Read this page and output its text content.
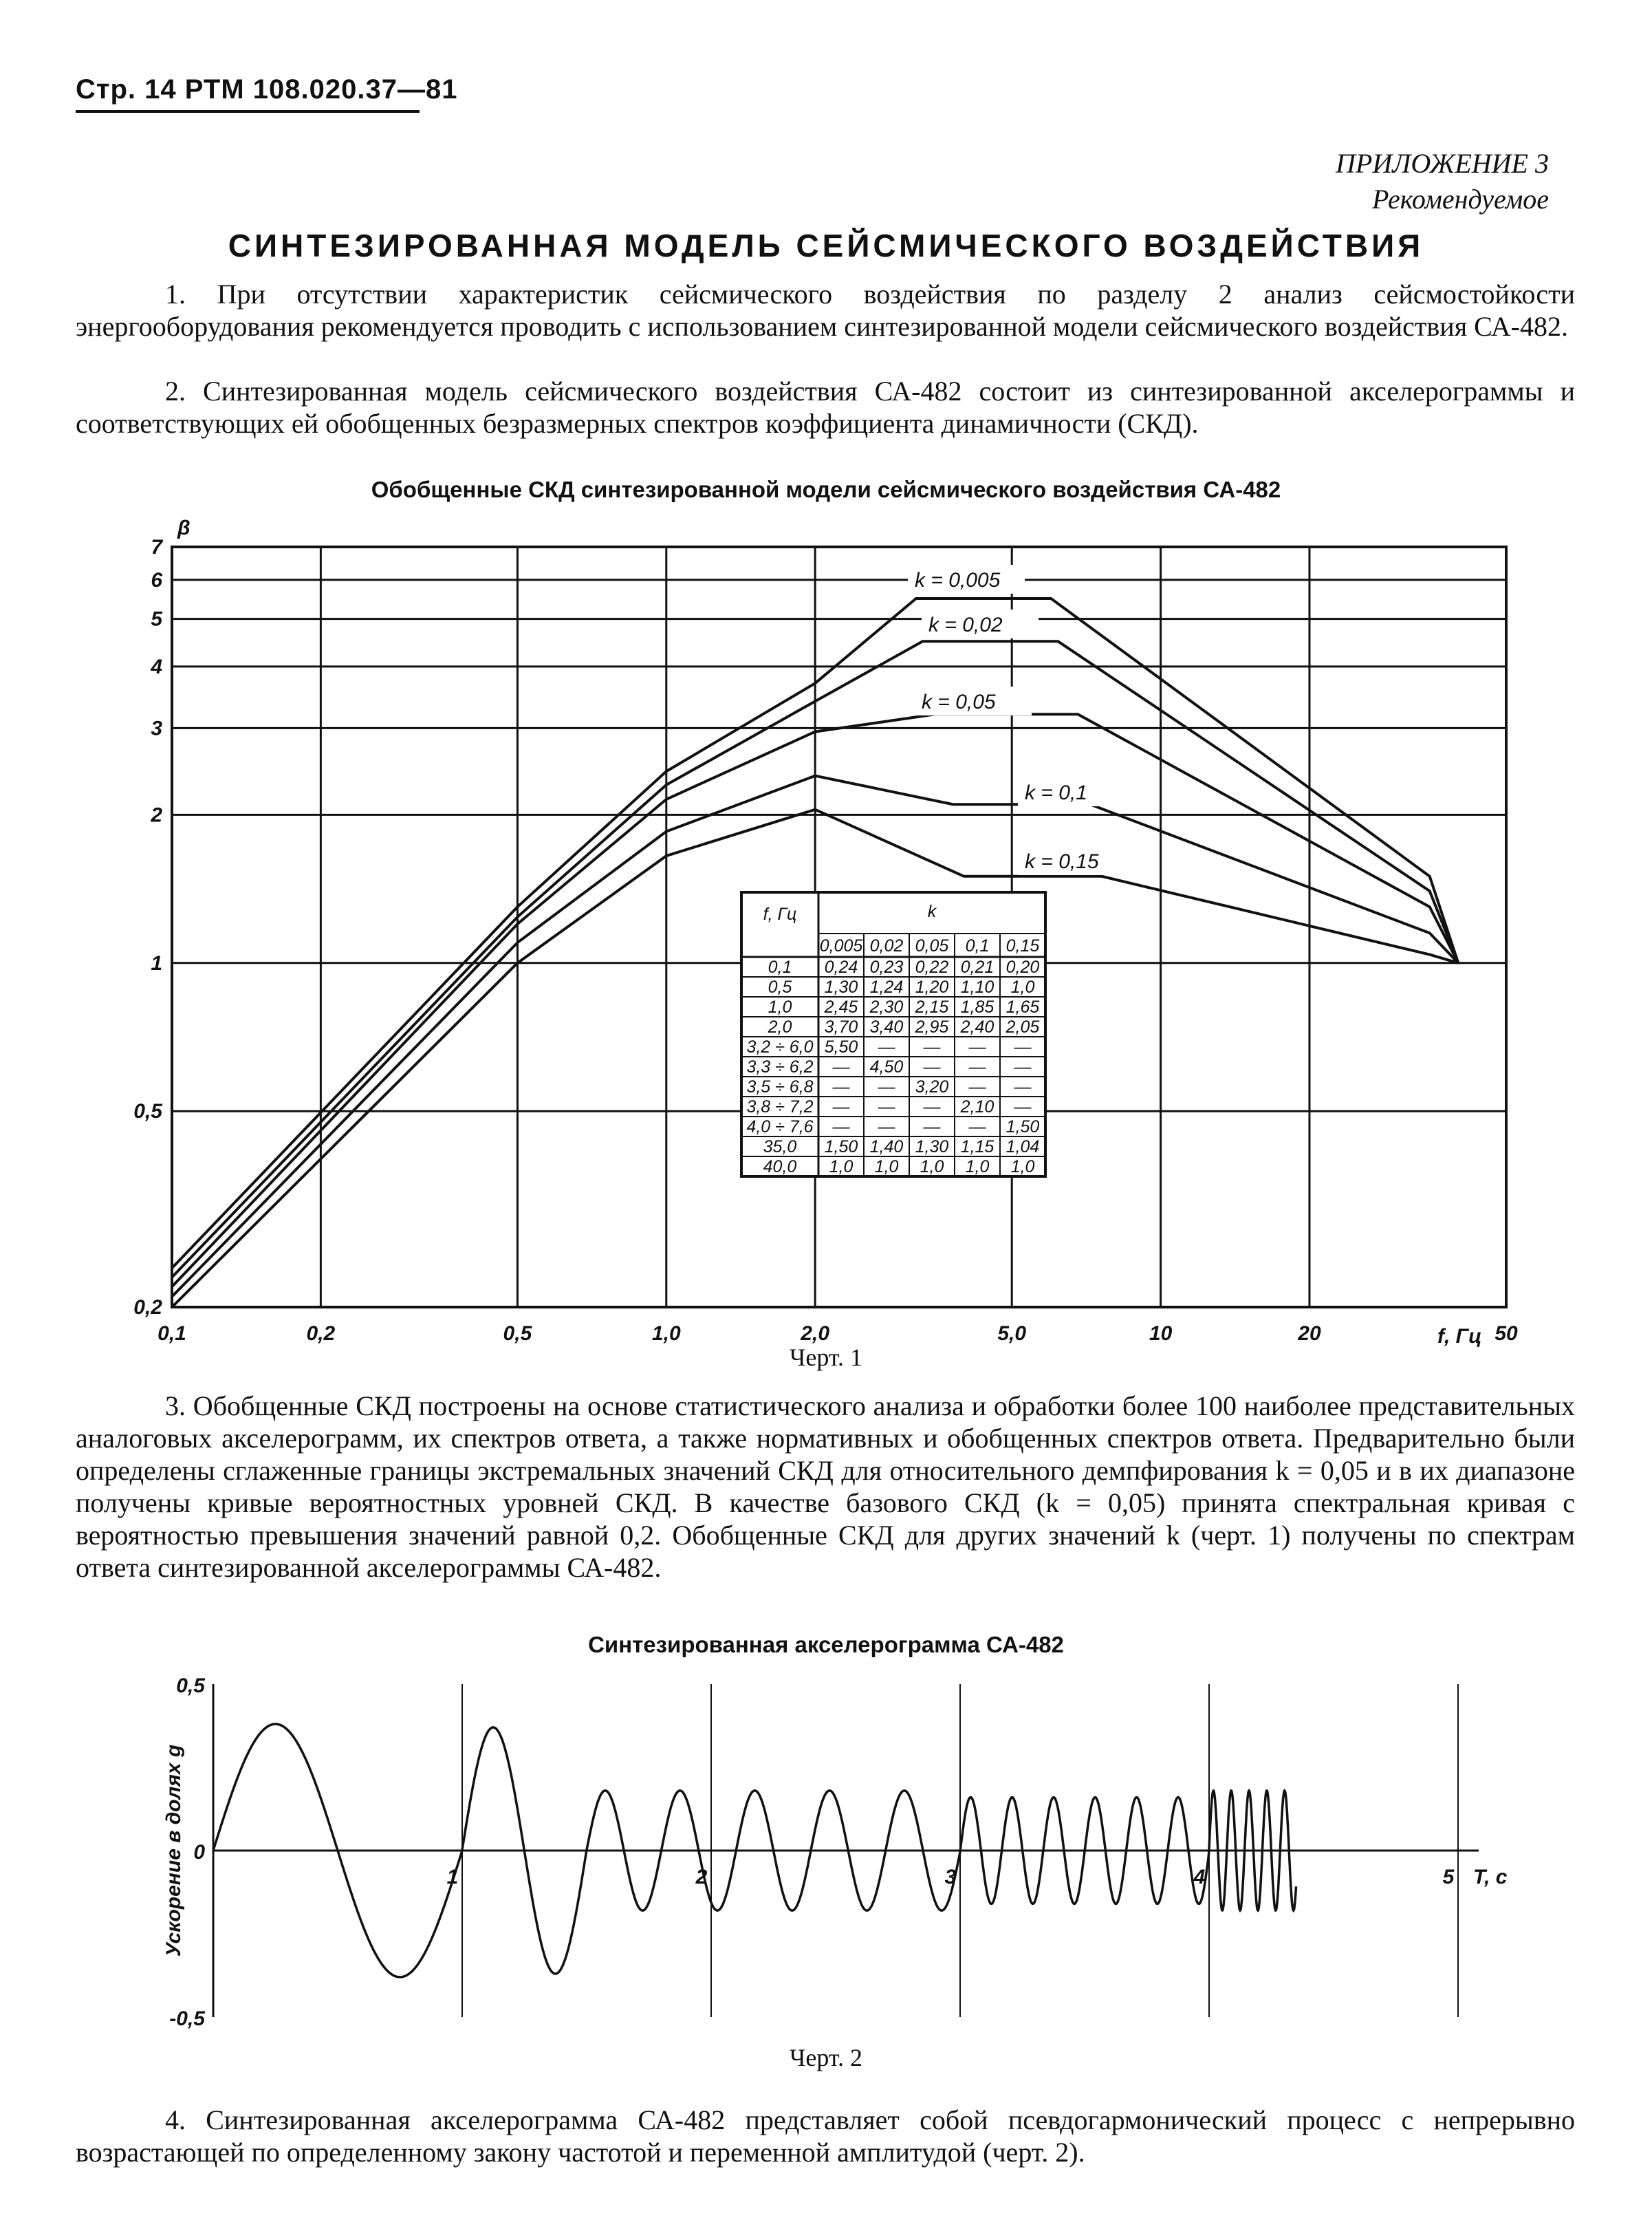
Стр. 14 РТМ 108.020.37—81
ПРИЛОЖЕНИЕ 3
Рекомендуемое
СИНТЕЗИРОВАННАЯ МОДЕЛЬ СЕЙСМИЧЕСКОГО ВОЗДЕЙСТВИЯ
1. При отсутствии характеристик сейсмического воздействия по разделу 2 анализ сейсмостойкости энергооборудования рекомендуется проводить с использованием синтезированной модели сейсмического воздействия СА-482.
2. Синтезированная модель сейсмического воздействия СА-482 состоит из синтезированной акселерограммы и соответствующих ей обобщенных безразмерных спектров коэффициента динамичности (СКД).
Обобщенные СКД синтезированной модели сейсмического воздействия СА-482
k = 0,005
k = 0,02
k = 0,05
k = 0,1
k = 0,15
0,1	0,2	0,5	1,0	2,0	5,0	10	20	50
0,2
0,5
1
2
3
4
5
6
7
β
f, Гц
f, Гц	k
0,005 0,02 0,05 0,1 0,15
0,1 0,24 0,23 0,22 0,21 0,20
0,5 1,30 1,24 1,20 1,10 1,0
1,0 2,45 2,30 2,15 1,85 1,65
2,0 3,70 3,40 2,95 2,40 2,05
3,2 ÷ 6,0 5,50 — — — —
3,3 ÷ 6,2 — 4,50 — — —
3,5 ÷ 6,8 — — 3,20 — —
3,8 ÷ 7,2 — — — 2,10 —
4,0 ÷ 7,6 — — — — 1,50
35,0 1,50 1,40 1,30 1,15 1,04
40,0 1,0 1,0 1,0 1,0 1,0
1	2	3	4	5
0,5
0
-0,5
T, c
Ускорение в долях g
Черт. 1
3. Обобщенные СКД построены на основе статистического анализа и обработки более 100 наиболее представительных аналоговых акселерограмм, их спектров ответа, а также нормативных и обобщенных спектров ответа. Предварительно были определены сглаженные границы экстремальных значений СКД для относительного демпфирования k = 0,05 и в их диапазоне получены кривые вероятностных уровней СКД. В качестве базового СКД (k = 0,05) принята спектральная кривая с вероятностью превышения значений равной 0,2. Обобщенные СКД для других значений k (черт. 1) получены по спектрам ответа синтезированной акселерограммы СА-482.
Синтезированная акселерограмма СА-482
Черт. 2
4. Синтезированная акселерограмма СА-482 представляет собой псевдогармонический процесс с непрерывно возрастающей по определенному закону частотой и переменной амплитудой (черт. 2).
